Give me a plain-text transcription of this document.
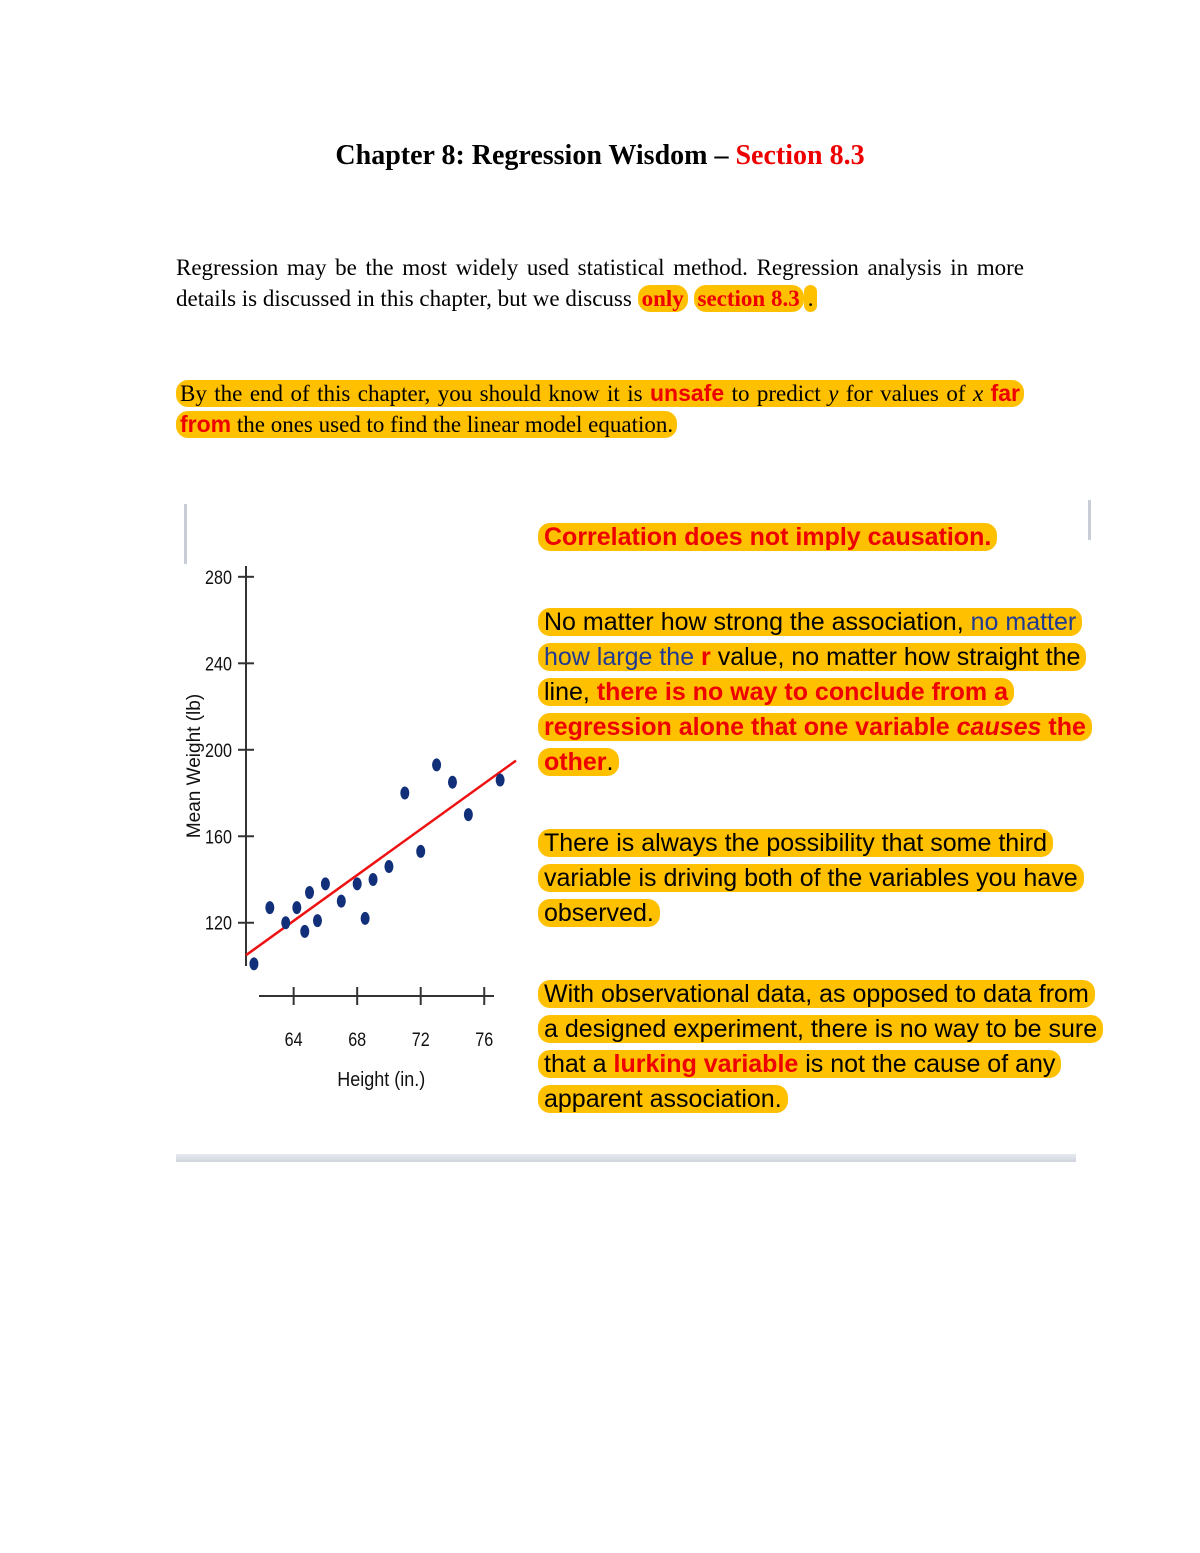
Chapter 8: Regression Wisdom – Section 8.3
Regression may be the most widely used statistical method. Regression analysis in more details is discussed in this chapter, but we discuss only section 8.3 .
By the end of this chapter, you should know it is unsafe to predict y for values of x far from the ones used to find the linear model equation.
120
160
200
240
280
64 68 72 76
Mean Weight (lb)
Height (in.)
Correlation does not imply causation.
No matter how strong the association, no matter how large the r value, no matter how straight the line, there is no way to conclude from a regression alone that one variable causes the other.
There is always the possibility that some third variable is driving both of the variables you have observed.
With observational data, as opposed to data from a designed experiment, there is no way to be sure that a lurking variable is not the cause of any apparent association.
